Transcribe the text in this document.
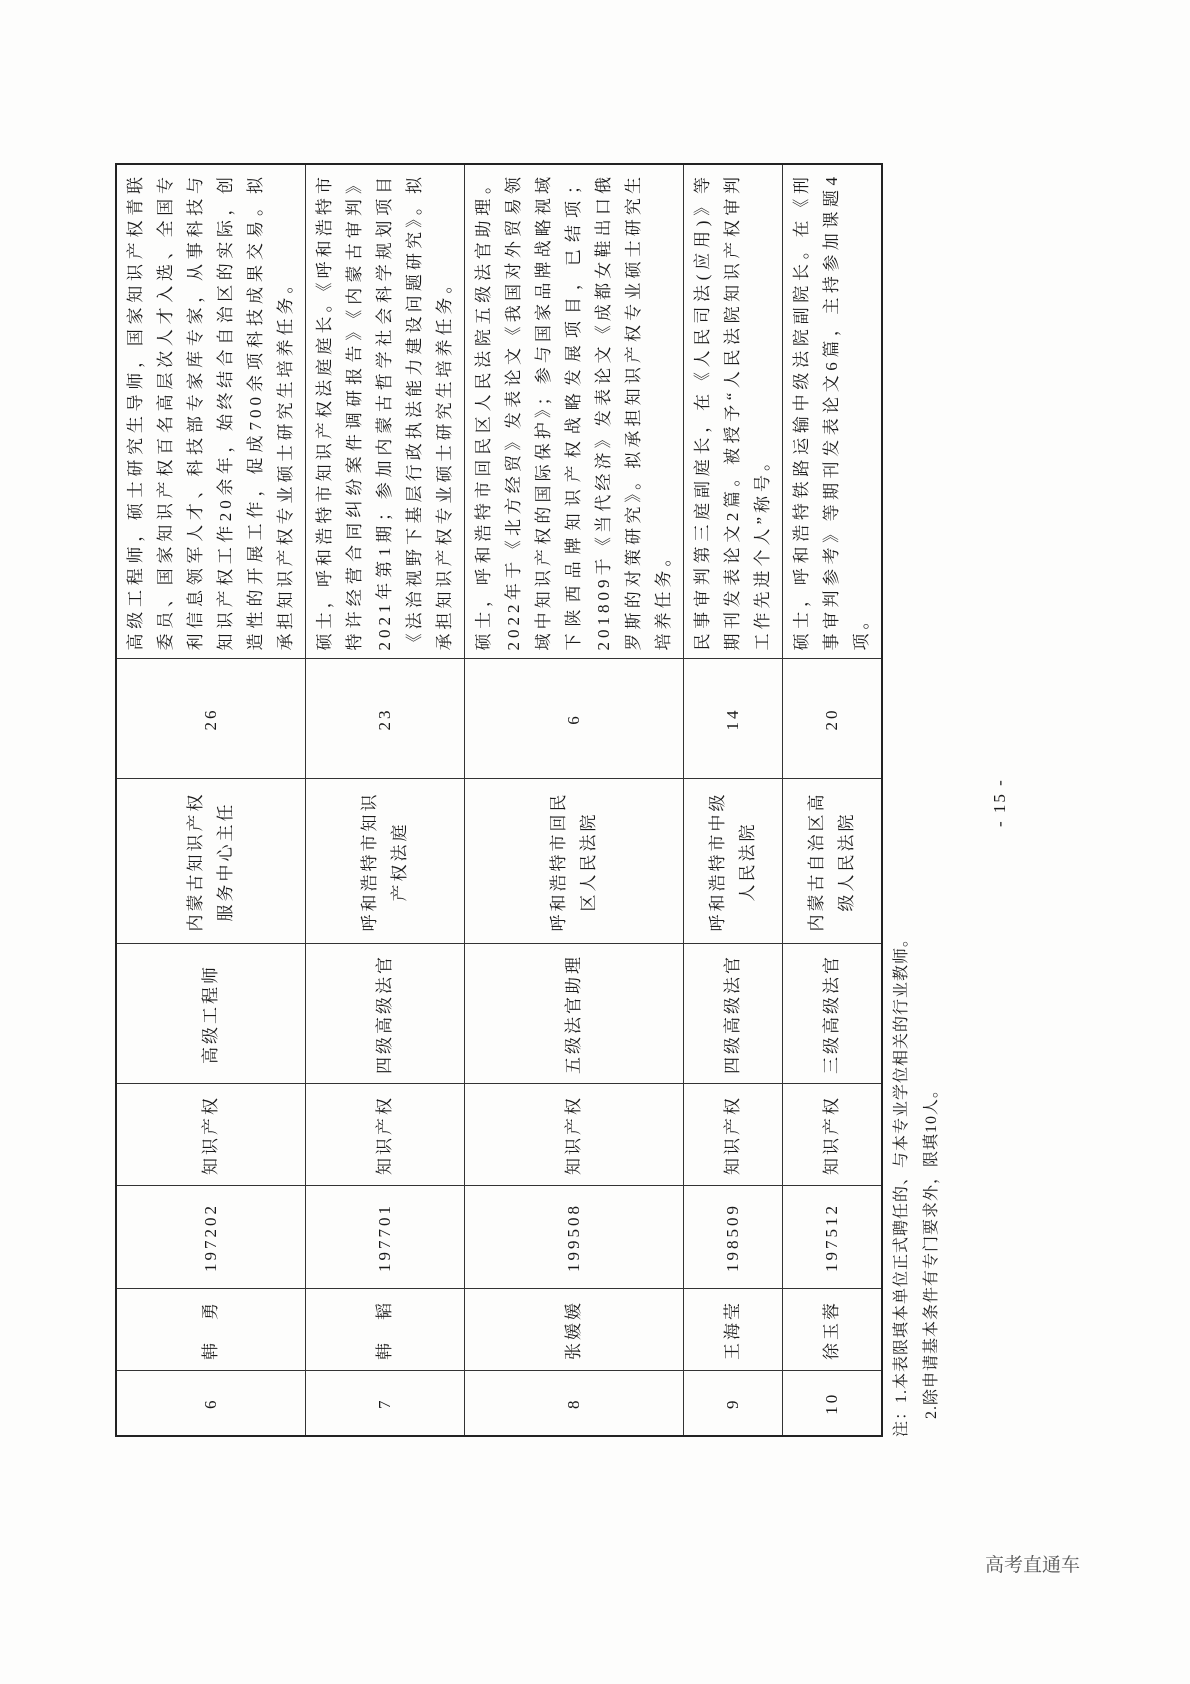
6	韩　勇	197202	知识产权	高级工程师	内蒙古知识产权服务中心主任	26	高级工程师，硕士研究生导师，国家知识产权青联委员、国家知识产权百名高层次人才入选、全国专利信息领军人才、科技部专家库专家，从事科技与知识产权工作20余年，始终结合自治区的实际，创造性的开展工作，促成700余项科技成果交易。拟承担知识产权专业硕士研究生培养任务。
7	韩　韬	197701	知识产权	四级高级法官	呼和浩特市知识产权法庭	23	硕士，呼和浩特市知识产权法庭庭长。《呼和浩特市特许经营合同纠纷案件调研报告》《内蒙古审判》2021年第1期；参加内蒙古哲学社会科学规划项目《法治视野下基层行政执法能力建设问题研究》。拟承担知识产权专业硕士研究生培养任务。
8	张媛媛	199508	知识产权	五级法官助理	呼和浩特市回民区人民法院	6	硕士，呼和浩特市回民区人民法院五级法官助理。2022年于《北方经贸》发表论文《我国对外贸易领域中知识产权的国际保护》；参与国家品牌战略视域下陕西品牌知识产权战略发展项目，已结项；201809于《当代经济》发表论文《成都女鞋出口俄罗斯的对策研究》。拟承担知识产权专业硕士研究生培养任务。
9	王海莹	198509	知识产权	四级高级法官	呼和浩特市中级人民法院	14	民事审判第三庭副庭长，在《人民司法(应用)》等期刊发表论文2篇。被授予“人民法院知识产权审判工作先进个人”称号。
10	徐玉蓉	197512	知识产权	三级高级法官	内蒙古自治区高级人民法院	20	硕士，呼和浩特铁路运输中级法院副院长。在《刑事审判参考》等期刊发表论文6篇，主持参加课题4项。
注：1.本表限填本单位正式聘任的、与本专业学位相关的行业教师。 2.除申请基本条件有专门要求外，限填10人。
- 15 -
高考直通车
